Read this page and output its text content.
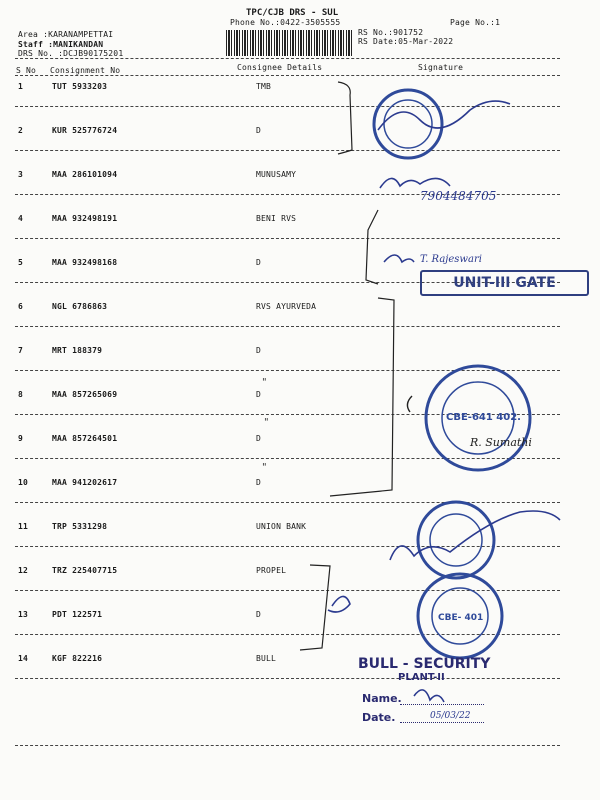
TPC/CJB DRS - SUL
Phone No.:0422-3505555
Area :KARANAMPETTAI
Staff :MANIKANDAN
DRS No. :DCJB90175201
RS No.:901752
RS Date:05-Mar-2022
Page No.:1
S No Consignment No	Consignee Details	Signature
1	TUT 5933203	TMB
2	KUR 525776724	D
3	MAA 286101094	MUNUSAMY
4	MAA 932498191	BENI RVS
5	MAA 932498168	D
6	NGL 6786863	RVS AYURVEDA
7	MRT 188379	D
8	MAA 857265069	D
9	MAA 857264501	D
10	MAA 941202617	D
11	TRP 5331298	UNION BANK
12	TRZ 225407715	PROPEL
13	PDT 122571	D
14	KGF 822216	BULL
"
"
"
7904484705
T. Rajeswari
CBE-641 402.
R. Sumathi
CBE- 401
05/03/22
UNIT-III GATE
BULL - SECURITY
PLANT-II
Name.
Date.
